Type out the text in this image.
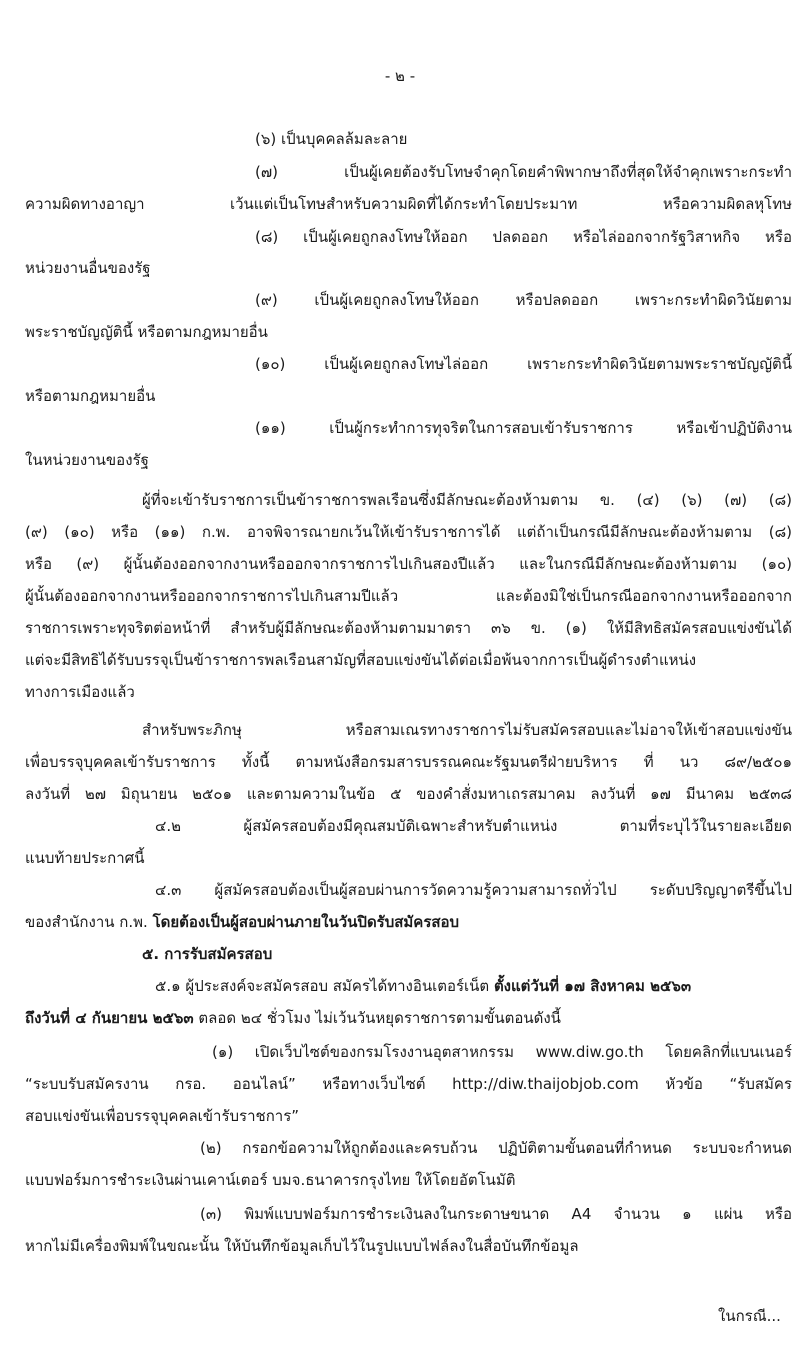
- ๒ -
(๖) เป็นบุคคลล้มละลาย
(๗) เป็นผู้เคยต้องรับโทษจำคุกโดยคำพิพากษาถึงที่สุดให้จำคุกเพราะกระทำ
ความผิดทางอาญา เว้นแต่เป็นโทษสำหรับความผิดที่ได้กระทำโดยประมาท หรือความผิดลหุโทษ
(๘) เป็นผู้เคยถูกลงโทษให้ออก ปลดออก หรือไล่ออกจากรัฐวิสาหกิจ หรือ
หน่วยงานอื่นของรัฐ
(๙) เป็นผู้เคยถูกลงโทษให้ออก หรือปลดออก เพราะกระทำผิดวินัยตาม
พระราชบัญญัตินี้ หรือตามกฎหมายอื่น
(๑๐) เป็นผู้เคยถูกลงโทษไล่ออก เพราะกระทำผิดวินัยตามพระราชบัญญัตินี้
หรือตามกฎหมายอื่น
(๑๑) เป็นผู้กระทำการทุจริตในการสอบเข้ารับราชการ หรือเข้าปฏิบัติงาน
ในหน่วยงานของรัฐ
ผู้ที่จะเข้ารับราชการเป็นข้าราชการพลเรือนซึ่งมีลักษณะต้องห้ามตาม ข. (๔) (๖) (๗) (๘)
(๙) (๑๐) หรือ (๑๑) ก.พ. อาจพิจารณายกเว้นให้เข้ารับราชการได้ แต่ถ้าเป็นกรณีมีลักษณะต้องห้ามตาม (๘)
หรือ (๙) ผู้นั้นต้องออกจากงานหรือออกจากราชการไปเกินสองปีแล้ว และในกรณีมีลักษณะต้องห้ามตาม (๑๐)
ผู้นั้นต้องออกจากงานหรือออกจากราชการไปเกินสามปีแล้ว และต้องมิใช่เป็นกรณีออกจากงานหรือออกจาก
ราชการเพราะทุจริตต่อหน้าที่ สำหรับผู้มีลักษณะต้องห้ามตามมาตรา ๓๖ ข. (๑) ให้มีสิทธิสมัครสอบแข่งขันได้
แต่จะมีสิทธิได้รับบรรจุเป็นข้าราชการพลเรือนสามัญที่สอบแข่งขันได้ต่อเมื่อพ้นจากการเป็นผู้ดำรงตำแหน่ง
ทางการเมืองแล้ว
สำหรับพระภิกษุ หรือสามเณรทางราชการไม่รับสมัครสอบและไม่อาจให้เข้าสอบแข่งขัน
เพื่อบรรจุบุคคลเข้ารับราชการ ทั้งนี้ ตามหนังสือกรมสารบรรณคณะรัฐมนตรีฝ่ายบริหาร ที่ นว ๘๙/๒๕๐๑
ลงวันที่ ๒๗ มิถุนายน ๒๕๐๑ และตามความในข้อ ๕ ของคำสั่งมหาเถรสมาคม ลงวันที่ ๑๗ มีนาคม ๒๕๓๘
๔.๒ ผู้สมัครสอบต้องมีคุณสมบัติเฉพาะสำหรับตำแหน่ง ตามที่ระบุไว้ในรายละเอียด
แนบท้ายประกาศนี้
๔.๓ ผู้สมัครสอบต้องเป็นผู้สอบผ่านการวัดความรู้ความสามารถทั่วไป ระดับปริญญาตรีขึ้นไป
ของสำนักงาน ก.พ. โดยต้องเป็นผู้สอบผ่านภายในวันปิดรับสมัครสอบ
๕. การรับสมัครสอบ
๕.๑ ผู้ประสงค์จะสมัครสอบ สมัครได้ทางอินเตอร์เน็ต ตั้งแต่วันที่ ๑๗ สิงหาคม ๒๕๖๓
ถึงวันที่ ๔ กันยายน ๒๕๖๓ ตลอด ๒๔ ชั่วโมง ไม่เว้นวันหยุดราชการตามขั้นตอนดังนี้
(๑) เปิดเว็บไซต์ของกรมโรงงานอุตสาหกรรม www.diw.go.th โดยคลิกที่แบนเนอร์
“ระบบรับสมัครงาน กรอ. ออนไลน์” หรือทางเว็บไซต์ http://diw.thaijobjob.com หัวข้อ “รับสมัคร
สอบแข่งขันเพื่อบรรจุบุคคลเข้ารับราชการ”
(๒) กรอกข้อความให้ถูกต้องและครบถ้วน ปฏิบัติตามขั้นตอนที่กำหนด ระบบจะกำหนด
แบบฟอร์มการชำระเงินผ่านเคาน์เตอร์ บมจ.ธนาคารกรุงไทย ให้โดยอัตโนมัติ
(๓) พิมพ์แบบฟอร์มการชำระเงินลงในกระดาษขนาด A4 จำนวน ๑ แผ่น หรือ
หากไม่มีเครื่องพิมพ์ในขณะนั้น ให้บันทึกข้อมูลเก็บไว้ในรูปแบบไฟล์ลงในสื่อบันทึกข้อมูล
ในกรณี...
